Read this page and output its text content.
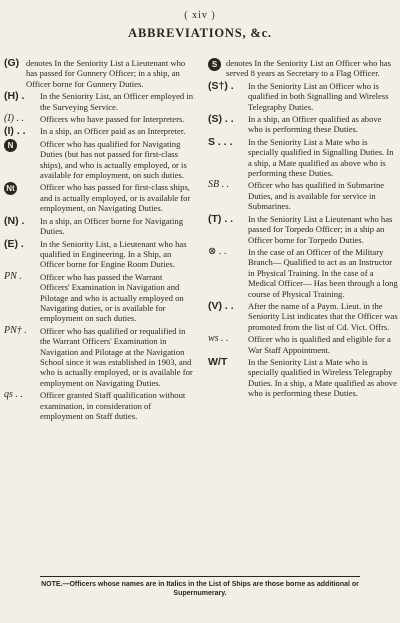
( xiv )
ABBREVIATIONS, &c.
(G) denotes In the Seniority List a Lieutenant who has passed for Gunnery Officer; in a ship, an Officer borne for Gunnery Duties.
(H) .	In the Seniority List, an Officer employed in the Surveying Service.
(I) . .	Officers who have passed for Interpreters.
(I) . .	In a ship, an Officer paid as an Interpreter.
N	Officer who has qualified for Navigating Duties (but has not passed for first-class ships), and who is actually employed, or is available for employment, on such duties.
Nt	Officer who has passed for first-class ships, and is actually employed, or is available for employment, on Navigating Duties.
(N) .	In a ship, an Officer borne for Navigating Duties.
(E) .	In the Seniority List, a Lieutenant who has qualified in Engineering. In a Ship, an Officer borne for Engine Room Duties.
PN .	Officer who has passed the Warrant Officers' Examination in Navigation and Pilotage and who is actually employed on Navigating duties, or is available for employment on such duties.
PN† .	Officer who has qualified or requalified in the Warrant Officers' Examination in Navigation and Pilotage at the Navigation School since it was established in 1903, and who is actually employed, or is available for employment on Navigating Duties.
qs . .	Officer granted Staff qualification without examination, in consideration of employment on Staff duties.
S	denotes In the Seniority List an Officer who has served 8 years as Secretary to a Flag Officer.
(S†) .	In the Seniority List an Officer who is qualified in both Signalling and Wireless Telegraphy Duties.
(S) . .	In a ship, an Officer qualified as above who is performing these Duties.
S . . .	In the Seniority List a Mate who is specially qualified in Signalling Duties. In a ship, a Mate qualified as above who is performing these Duties.
SB . .	Officer who has qualified in Submarine Duties, and is available for service in Submarines.
(T) . .	In the Seniority List a Lieutenant who has passed for Torpedo Officer; in a ship an Officer borne for Torpedo Duties.
⊗ . .	In the case of an Officer of the Military Branch— Qualified to act as an Instructor in Physical Training. In the case of a Medical Officer— Has been through a long course of Physical Training.
(V) . .	After the name of a Paym. Lieut. in the Seniority List indicates that the Officer was promoted from the list of Cd. Vict. Offrs.
ws . .	Officer who is qualified and eligible for a War Staff Appointment.
W/T	In the Seniority List a Mate who is specially qualified in Wireless Telegraphy Duties. In a ship, a Mate qualified as above who is performing these Duties.
NOTE.—Officers whose names are in Italics in the List of Ships are those borne as additional or Supernumerary.
